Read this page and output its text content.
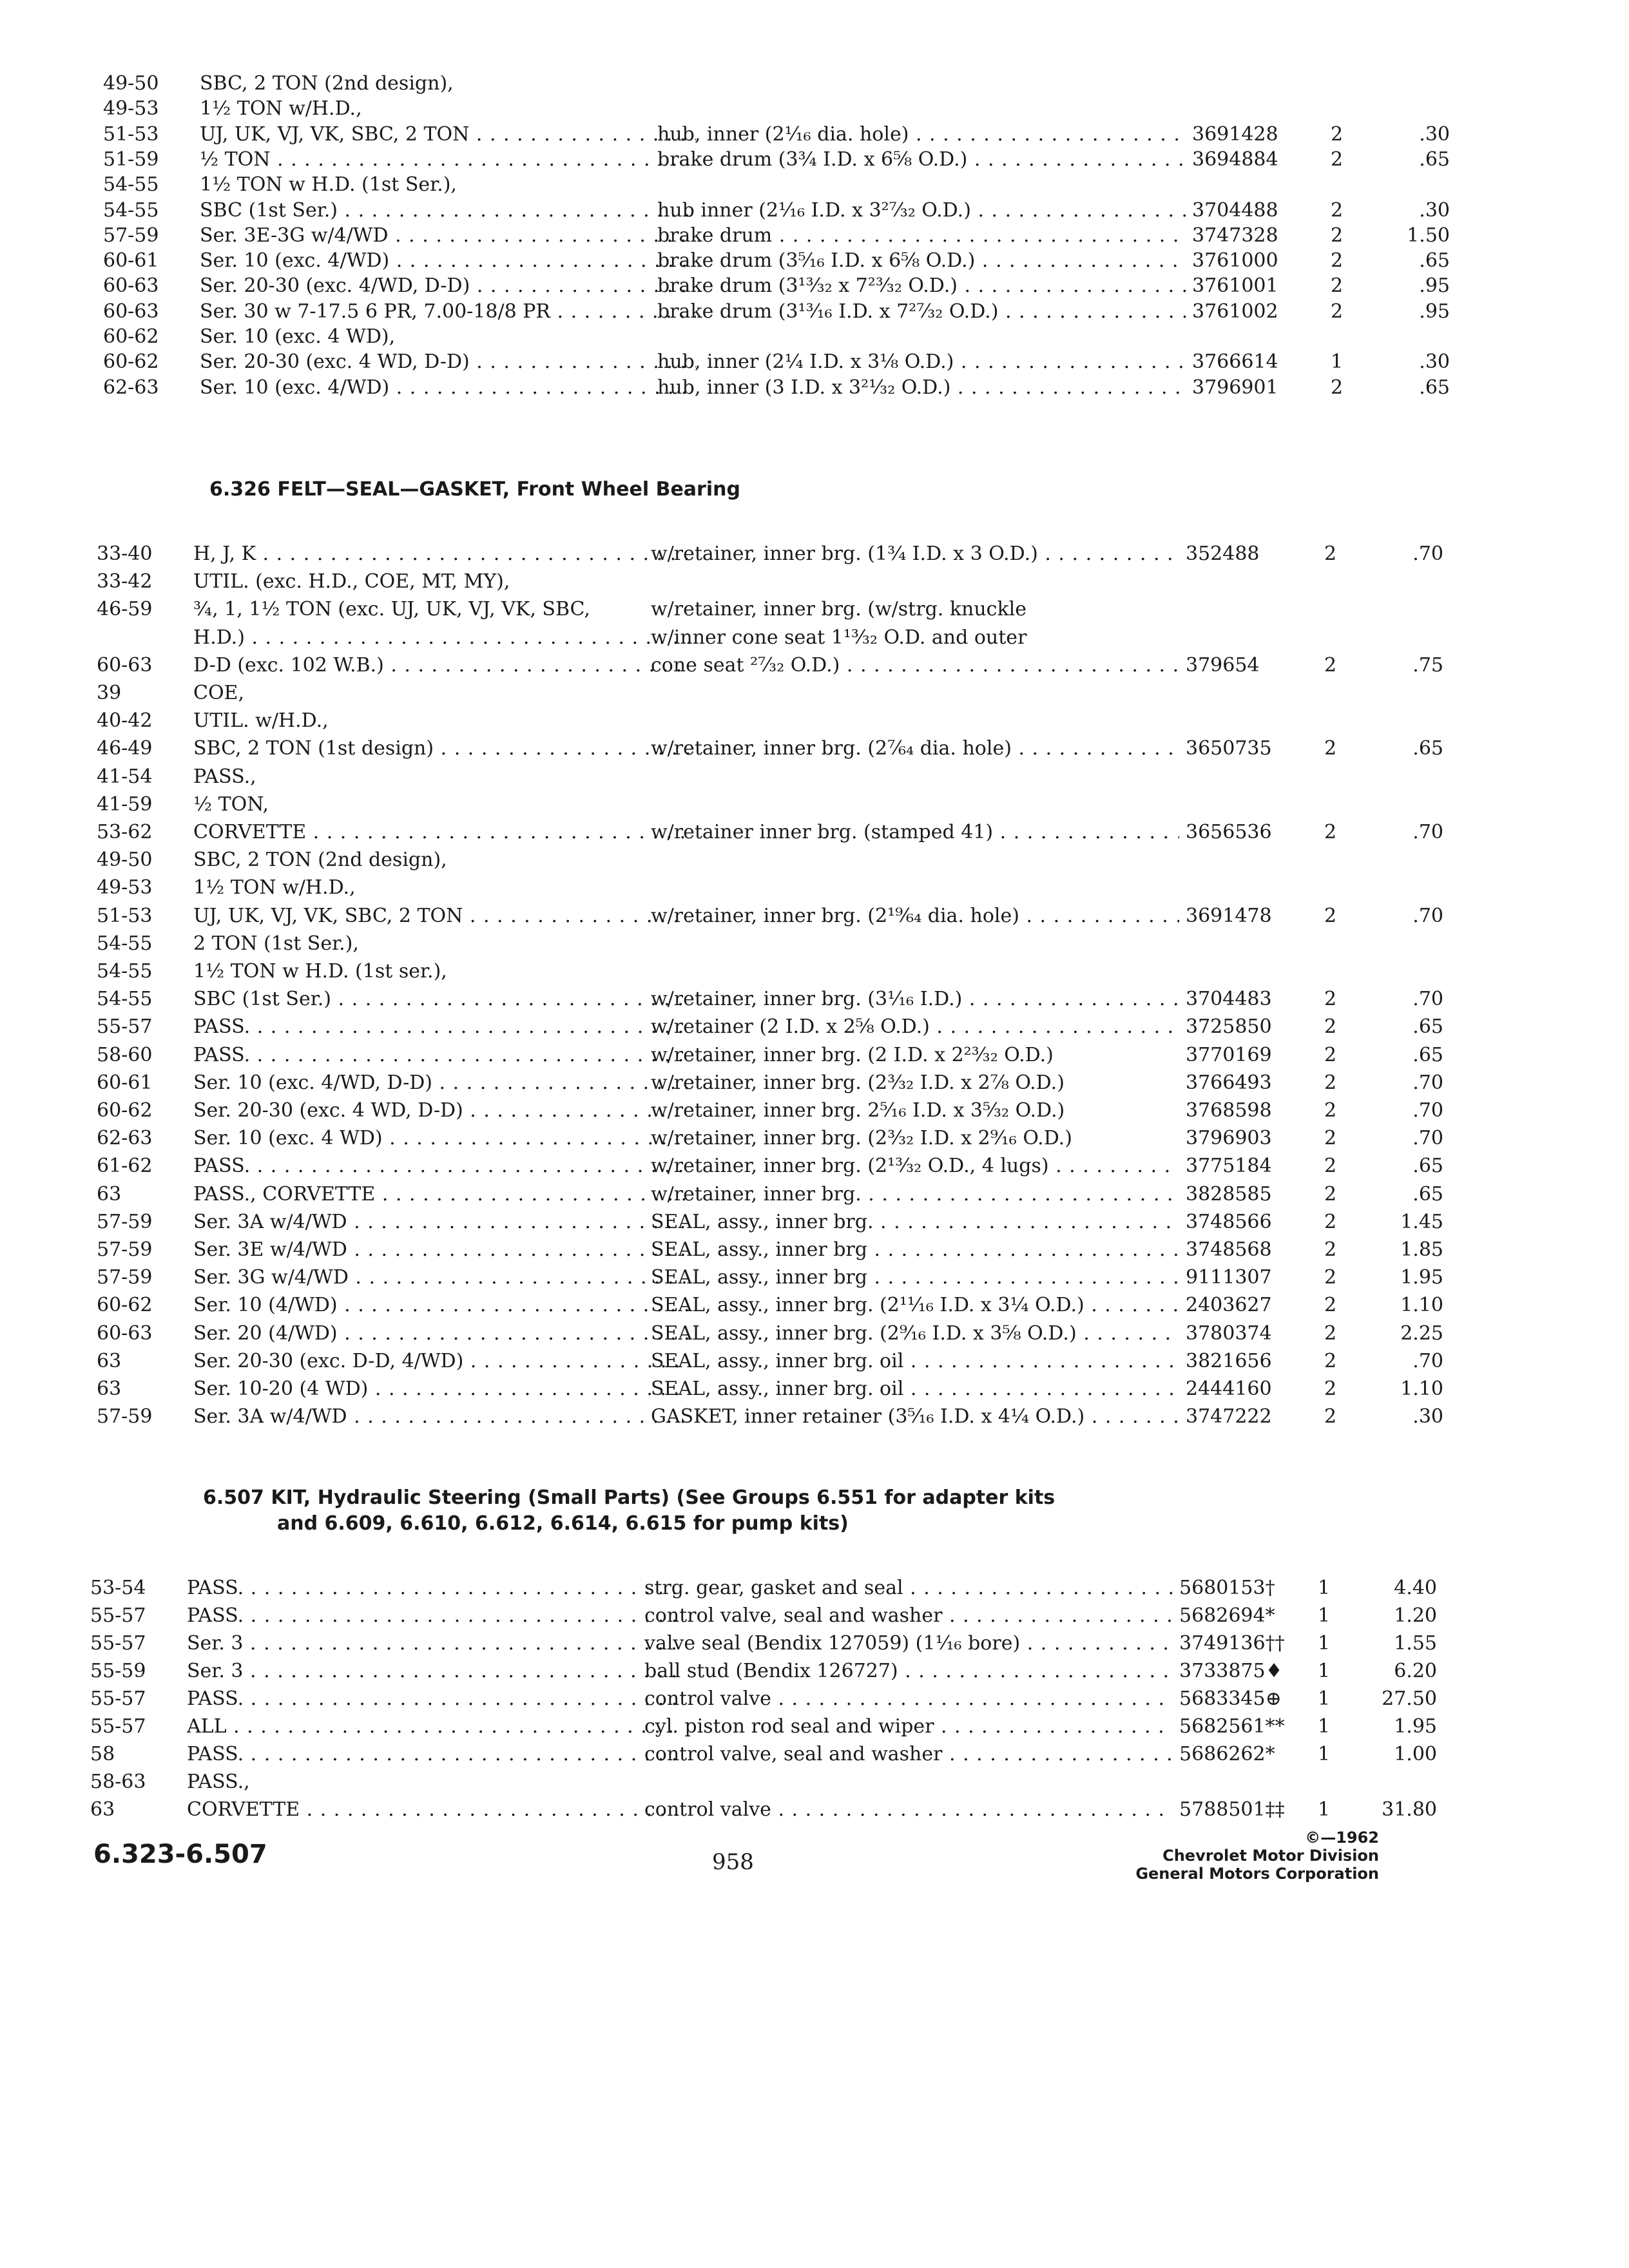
49-50	SBC, 2 TON (2nd design),
49-53	1½ TON w/H.D.,
51-53	UJ, UK, VJ, VK, SBC, 2 TON . . .	hub, inner (2⅟₁₆ dia. hole) . . .	3691428	2	.30
51-59	½ TON . . .	brake drum (3¾ I.D. x 6⅝ O.D.) . . .	3694884	2	.65
54-55	1½ TON w H.D. (1st Ser.),
54-55	SBC (1st Ser.) . . .	hub inner (2⅟₁₆ I.D. x 3²⁷⁄₃₂ O.D.) . . .	3704488	2	.30
57-59	Ser. 3E-3G w/4/WD . . .	brake drum . . .	3747328	2	1.50
60-61	Ser. 10 (exc. 4/WD) . . .	brake drum (3⁵⁄₁₆ I.D. x 6⅝ O.D.) . . .	3761000	2	.65
60-63	Ser. 20-30 (exc. 4/WD, D-D) . . .	brake drum (3¹³⁄₃₂ x 7²³⁄₃₂ O.D.) . . .	3761001	2	.95
60-63	Ser. 30 w 7-17.5 6 PR, 7.00-18/8 PR . . .	brake drum (3¹³⁄₁₆ I.D. x 7²⁷⁄₃₂ O.D.) . . .	3761002	2	.95
60-62	Ser. 10 (exc. 4 WD),
60-62	Ser. 20-30 (exc. 4 WD, D-D) . . .	hub, inner (2¼ I.D. x 3⅛ O.D.) . . .	3766614	1	.30
62-63	Ser. 10 (exc. 4/WD) . . .	hub, inner (3 I.D. x 3²¹⁄₃₂ O.D.) . . .	3796901	2	.65
6.326 FELT—SEAL—GASKET, Front Wheel Bearing
33-40	H, J, K . . .	w/retainer, inner brg. (1¾ I.D. x 3 O.D.) . . .	352488	2	.70
33-42	UTIL. (exc. H.D., COE, MT, MY),
46-59	¾, 1, 1½ TON (exc. UJ, UK, VJ, VK, SBC,	w/retainer, inner brg. (w/strg. knuckle
H.D.) . . .	w/inner cone seat 1¹³⁄₃₂ O.D. and outer
60-63	D-D (exc. 102 W.B.) . . .	cone seat ²⁷⁄₃₂ O.D.) . . .	379654	2	.75
39	COE,
40-42	UTIL. w/H.D.,
46-49	SBC, 2 TON (1st design) . . .	w/retainer, inner brg. (2⁷⁄₆₄ dia. hole) . . .	3650735	2	.65
41-54	PASS.,
41-59	½ TON,
53-62	CORVETTE . . .	w/retainer inner brg. (stamped 41) . . .	3656536	2	.70
49-50	SBC, 2 TON (2nd design),
49-53	1½ TON w/H.D.,
51-53	UJ, UK, VJ, VK, SBC, 2 TON . . .	w/retainer, inner brg. (2¹⁹⁄₆₄ dia. hole) . . .	3691478	2	.70
54-55	2 TON (1st Ser.),
54-55	1½ TON w H.D. (1st ser.),
54-55	SBC (1st Ser.) . . .	w/retainer, inner brg. (3⅟₁₆ I.D.) . . .	3704483	2	.70
55-57	PASS. . . .	w/retainer (2 I.D. x 2⅝ O.D.) . . .	3725850	2	.65
58-60	PASS. . . .	w/retainer, inner brg. (2 I.D. x 2²³⁄₃₂ O.D.)	3770169	2	.65
60-61	Ser. 10 (exc. 4/WD, D-D) . . .	w/retainer, inner brg. (2³⁄₃₂ I.D. x 2⅞ O.D.)	3766493	2	.70
60-62	Ser. 20-30 (exc. 4 WD, D-D) . . .	w/retainer, inner brg. 2⁵⁄₁₆ I.D. x 3⁵⁄₃₂ O.D.)	3768598	2	.70
62-63	Ser. 10 (exc. 4 WD) . . .	w/retainer, inner brg. (2³⁄₃₂ I.D. x 2⁹⁄₁₆ O.D.)	3796903	2	.70
61-62	PASS. . . .	w/retainer, inner brg. (2¹³⁄₃₂ O.D., 4 lugs) . . .	3775184	2	.65
63	PASS., CORVETTE . . .	w/retainer, inner brg. . . .	3828585	2	.65
57-59	Ser. 3A w/4/WD . . .	SEAL, assy., inner brg. . . .	3748566	2	1.45
57-59	Ser. 3E w/4/WD . . .	SEAL, assy., inner brg . . .	3748568	2	1.85
57-59	Ser. 3G w/4/WD . . .	SEAL, assy., inner brg . . .	9111307	2	1.95
60-62	Ser. 10 (4/WD) . . .	SEAL, assy., inner brg. (2¹¹⁄₁₆ I.D. x 3¼ O.D.) . . .	2403627	2	1.10
60-63	Ser. 20 (4/WD) . . .	SEAL, assy., inner brg. (2⁹⁄₁₆ I.D. x 3⅝ O.D.) . . .	3780374	2	2.25
63	Ser. 20-30 (exc. D-D, 4/WD) . . .	SEAL, assy., inner brg. oil . . .	3821656	2	.70
63	Ser. 10-20 (4 WD) . . .	SEAL, assy., inner brg. oil . . .	2444160	2	1.10
57-59	Ser. 3A w/4/WD . . .	GASKET, inner retainer (3⁵⁄₁₆ I.D. x 4¼ O.D.) . . .	3747222	2	.30
6.507 KIT, Hydraulic Steering (Small Parts) (See Groups 6.551 for adapter kits
and 6.609, 6.610, 6.612, 6.614, 6.615 for pump kits)
53-54	PASS. . . .	strg. gear, gasket and seal . . .	5680153†	1	4.40
55-57	PASS. . . .	control valve, seal and washer . . .	5682694*	1	1.20
55-57	Ser. 3 . . .	valve seal (Bendix 127059) (1⅟₁₆ bore) . . .	3749136††	1	1.55
55-59	Ser. 3 . . .	ball stud (Bendix 126727) . . .	3733875♦	1	6.20
55-57	PASS. . . .	control valve . . .	5683345⊕	1	27.50
55-57	ALL . . .	cyl. piston rod seal and wiper . . .	5682561**	1	1.95
58	PASS. . . .	control valve, seal and washer . . .	5686262*	1	1.00
58-63	PASS.,
63	CORVETTE . . .	control valve . . .	5788501‡‡	1	31.80
6.323-6.507	958
©—1962
Chevrolet Motor Division
General Motors Corporation
